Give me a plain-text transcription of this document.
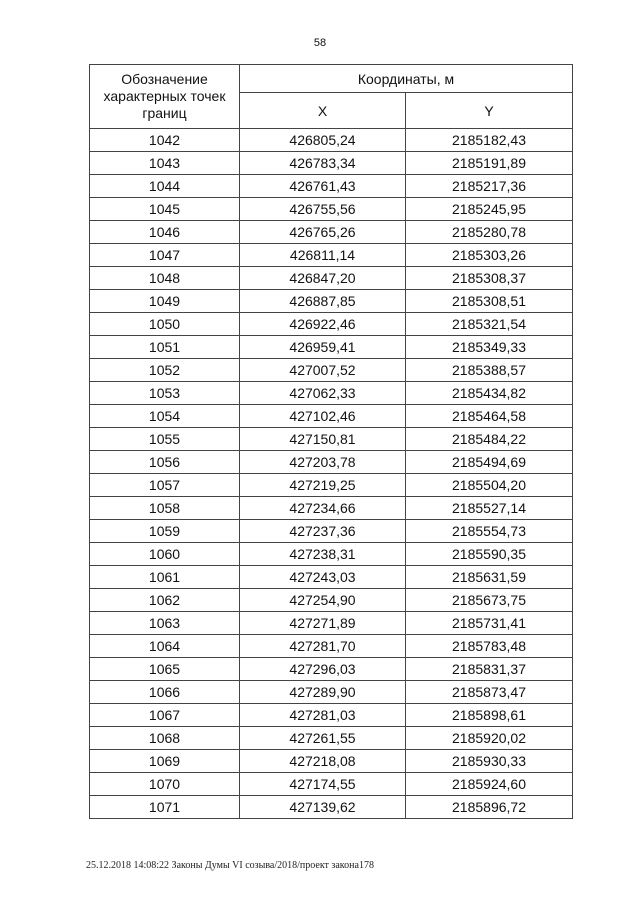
58
Обозначение характерных точек границ	Координаты, м	
	X	Y
1042	426805,24	2185182,43
1043	426783,34	2185191,89
1044	426761,43	2185217,36
1045	426755,56	2185245,95
1046	426765,26	2185280,78
1047	426811,14	2185303,26
1048	426847,20	2185308,37
1049	426887,85	2185308,51
1050	426922,46	2185321,54
1051	426959,41	2185349,33
1052	427007,52	2185388,57
1053	427062,33	2185434,82
1054	427102,46	2185464,58
1055	427150,81	2185484,22
1056	427203,78	2185494,69
1057	427219,25	2185504,20
1058	427234,66	2185527,14
1059	427237,36	2185554,73
1060	427238,31	2185590,35
1061	427243,03	2185631,59
1062	427254,90	2185673,75
1063	427271,89	2185731,41
1064	427281,70	2185783,48
1065	427296,03	2185831,37
1066	427289,90	2185873,47
1067	427281,03	2185898,61
1068	427261,55	2185920,02
1069	427218,08	2185930,33
1070	427174,55	2185924,60
1071	427139,62	2185896,72
25.12.2018 14:08:22 Законы Думы VI созыва/2018/проект закона178
